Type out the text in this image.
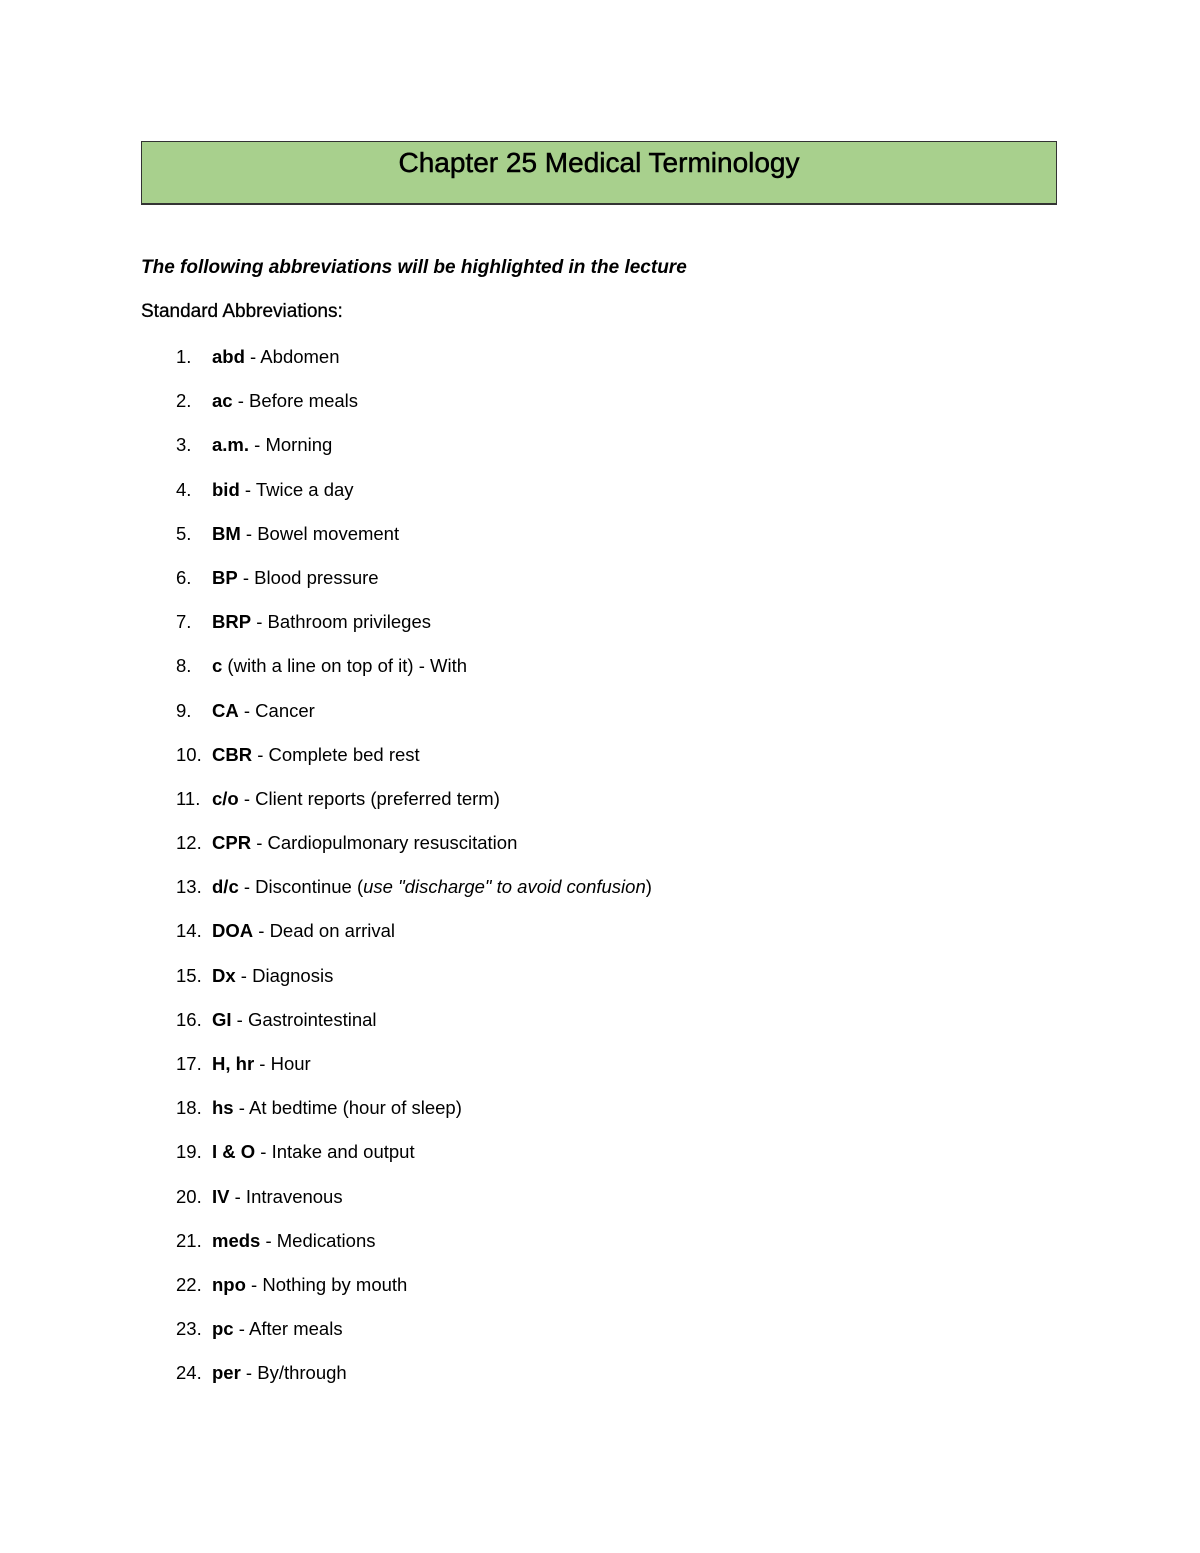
Chapter 25 Medical Terminology
The following abbreviations will be highlighted in the lecture
Standard Abbreviations:
1.	abd - Abdomen
2.	ac - Before meals
3.	a.m. - Morning
4.	bid - Twice a day
5.	BM - Bowel movement
6.	BP - Blood pressure
7.	BRP - Bathroom privileges
8.	c (with a line on top of it) - With
9.	CA - Cancer
10. CBR - Complete bed rest
11. c/o - Client reports (preferred term)
12. CPR - Cardiopulmonary resuscitation
13. d/c - Discontinue (use "discharge" to avoid confusion)
14. DOA - Dead on arrival
15. Dx - Diagnosis
16. GI - Gastrointestinal
17. H, hr - Hour
18. hs - At bedtime (hour of sleep)
19. I & O - Intake and output
20. IV - Intravenous
21. meds - Medications
22. npo - Nothing by mouth
23. pc - After meals
24. per - By/through
